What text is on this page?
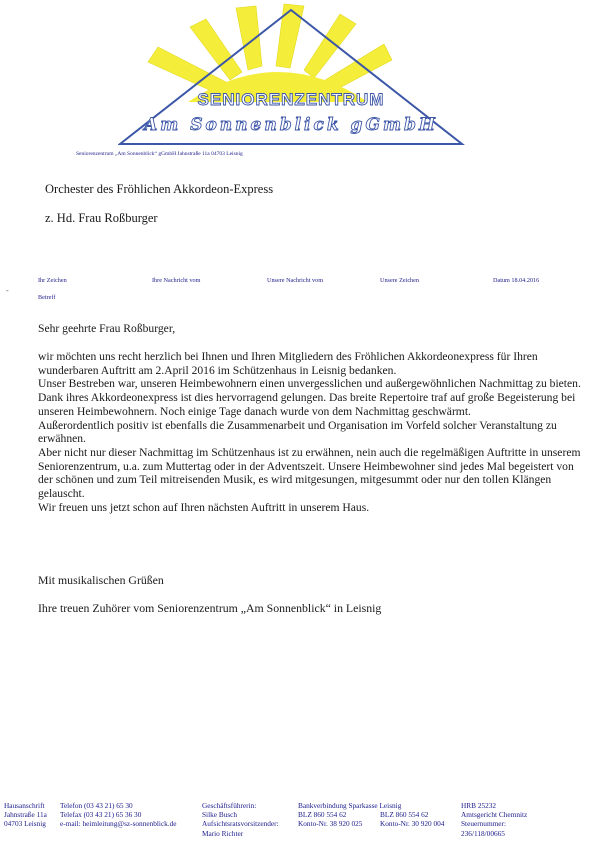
SENIORENZENTRUM
Am Sonnenblick gGmbH
Seniorenzentrum „Am Sonnenblick“ gGmbH Jahnstraße 11a 04703 Leisnig
-
Orchester des Fröhlichen Akkordeon-Express
z. Hd. Frau Roßburger
Ihr Zeichen	Ihre Nachricht vom	Unsere Nachricht vom	Unsere Zeichen	Datum 18.04.2016
Betreff
Sehr geehrte Frau Roßburger,

wir möchten uns recht herzlich bei Ihnen und Ihren Mitgliedern des Fröhlichen Akkordeonexpress für Ihren wunderbaren Auftritt am 2.April 2016 im Schützenhaus in Leisnig bedanken.

Unser Bestreben war, unseren Heimbewohnern einen unvergesslichen und außergewöhnlichen Nachmittag zu bieten.

Dank ihres Akkordeonexpress ist dies hervorragend gelungen. Das breite Repertoire traf auf große Begeisterung bei unseren Heimbewohnern. Noch einige Tage danach wurde von dem Nachmittag geschwärmt.

Außerordentlich positiv ist ebenfalls die Zusammenarbeit und Organisation im Vorfeld solcher Veranstaltung zu erwähnen.

Aber nicht nur dieser Nachmittag im Schützenhaus ist zu erwähnen, nein auch die regelmäßigen Auftritte in unserem Seniorenzentrum, u.a. zum Muttertag oder in der Adventszeit. Unsere Heimbewohner sind jedes Mal begeistert von der schönen und zum Teil mitreisenden Musik, es wird mitgesungen, mitgesummt oder nur den tollen Klängen gelauscht.

Wir freuen uns jetzt schon auf Ihren nächsten Auftritt in unserem Haus.

Mit musikalischen Grüßen
Ihre treuen Zuhörer vom Seniorenzentrum „Am Sonnenblick“ in Leisnig
Hausanschrift
Jahnstraße 11a
04703 Leisnig
Telefon (03 43 21) 65 30
Telefax (03 43 21) 65 36 30
e-mail: heimleitung@sz-sonnenblick.de
Geschäftsführerin:
Silke Busch
Aufsichtsratsvorsitzender:
Mario Richter
Bankverbindung Sparkasse Leisnig
BLZ 860 554 62
Konto-Nr. 38 920 025
BLZ 860 554 62
Konto-Nr. 30 920 004
HRB 25232
Amtsgericht Chemnitz
Steuernummer:
236/118/00665
